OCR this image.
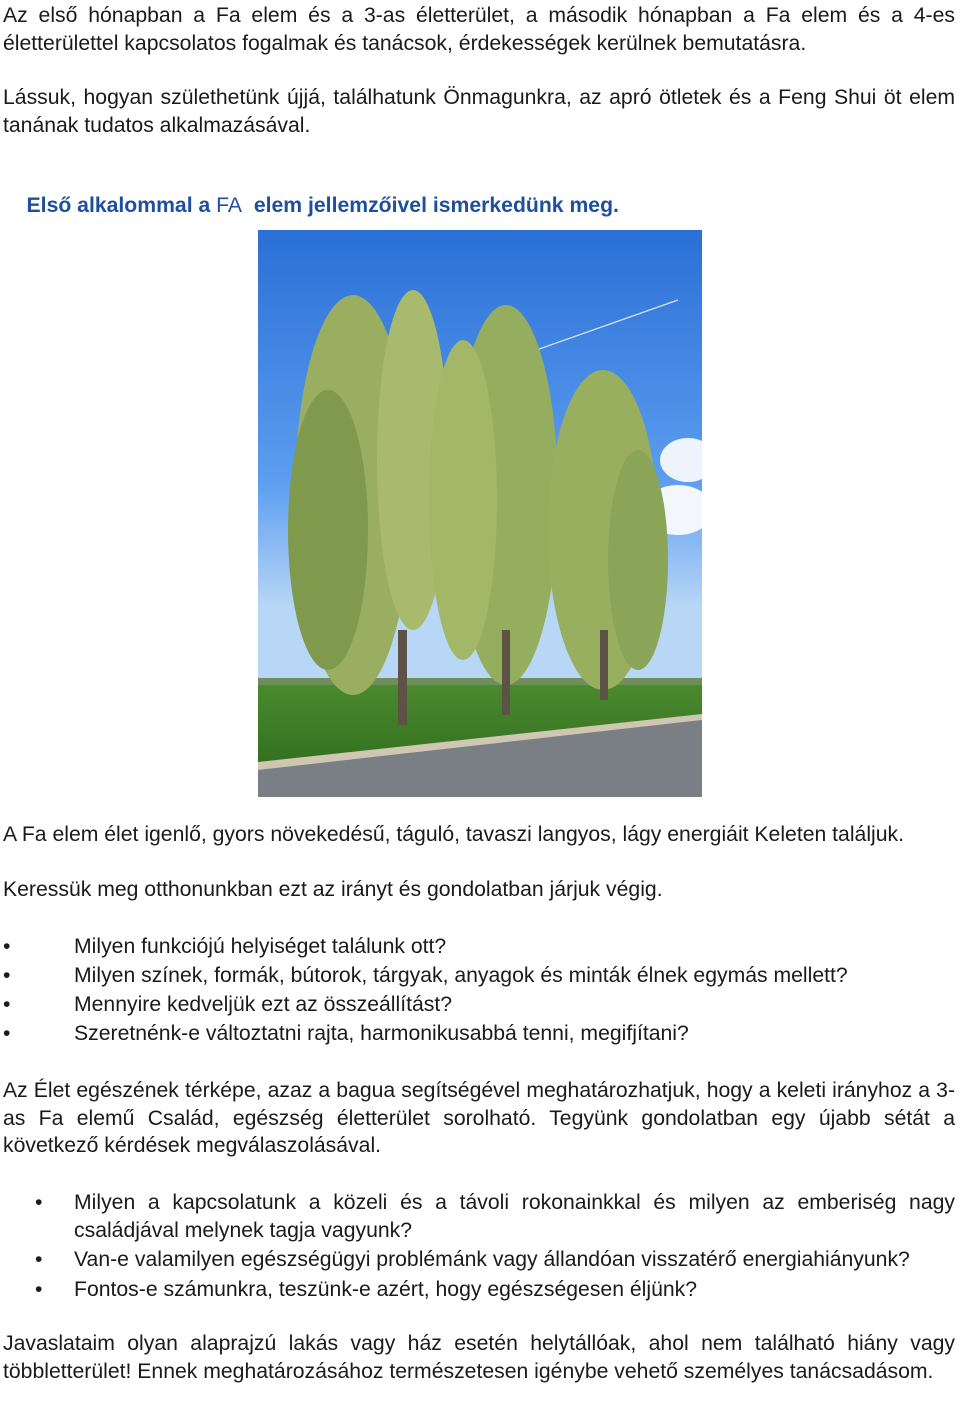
Az első hónapban a Fa elem és a 3-as életterület, a második hónapban a Fa elem és a 4-es életterülettel kapcsolatos fogalmak és tanácsok, érdekességek kerülnek bemutatásra.

Lássuk, hogyan születhetünk újjá, találhatunk Önmagunkra, az apró ötletek és a Feng Shui öt elem tanának tudatos alkalmazásával.

Első alkalommal a FA  elem jellemzőivel ismerkedünk meg.

A Fa elem élet igenlő, gyors növekedésű, táguló, tavaszi langyos, lágy energiáit Keleten találjuk.

Keressük meg otthonunkban ezt az irányt és gondolatban járjuk végig.

• Milyen funkciójú helyiséget találunk ott?
• Milyen színek, formák, bútorok, tárgyak, anyagok és minták élnek egymás mellett?
• Mennyire kedveljük ezt az összeállítást?
• Szeretnénk-e változtatni rajta, harmonikusabbá tenni, megifjítani?

Az Élet egészének térképe, azaz a bagua segítségével meghatározhatjuk, hogy a keleti irányhoz a 3-as Fa elemű Család, egészség életterület sorolható. Tegyünk gondolatban egy újabb sétát a következő kérdések megválaszolásával.

• Milyen a kapcsolatunk a közeli és a távoli rokonainkkal és milyen az emberiség nagy családjával melynek tagja vagyunk?
• Van-e valamilyen egészségügyi problémánk vagy állandóan visszatérő energiahiányunk?
• Fontos-e számunkra, teszünk-e azért, hogy egészségesen éljünk?

Javaslataim olyan alaprajzú lakás vagy ház esetén helytállóak, ahol nem található hiány vagy többletterület! Ennek meghatározásához természetesen igénybe vehető személyes tanácsadásom.
